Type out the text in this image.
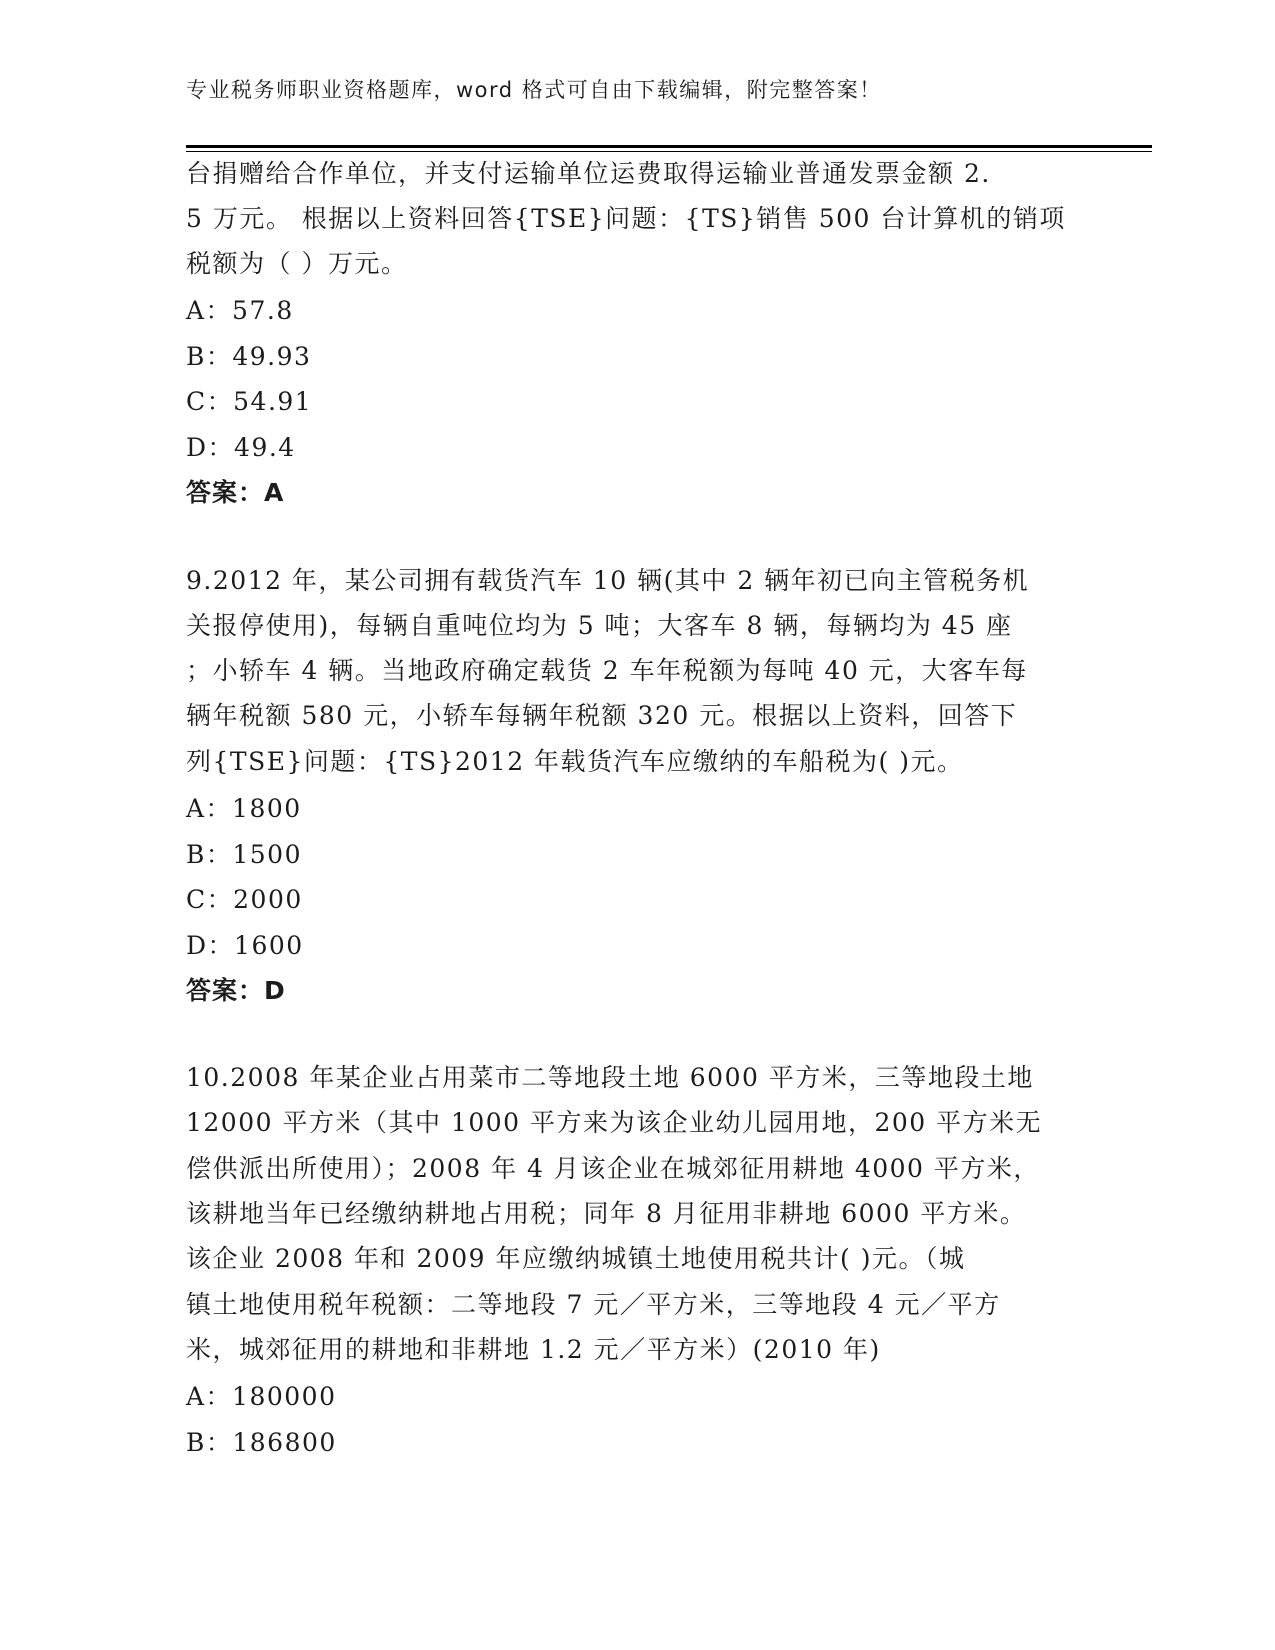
专业税务师职业资格题库，word 格式可自由下载编辑，附完整答案！
台捐赠给合作单位，并支付运输单位运费取得运输业普通发票金额 2.
5 万元。 根据以上资料回答{TSE}问题：{TS}销售 500 台计算机的销项
税额为（ ）万元。
A：57.8
B：49.93
C：54.91
D：49.4
答案：A
9.2012 年，某公司拥有载货汽车 10 辆(其中 2 辆年初已向主管税务机
关报停使用)，每辆自重吨位均为 5 吨；大客车 8 辆，每辆均为 45 座
；小轿车 4 辆。当地政府确定载货 2 车年税额为每吨 40 元，大客车每
辆年税额 580 元，小轿车每辆年税额 320 元。根据以上资料，回答下
列{TSE}问题：{TS}2012 年载货汽车应缴纳的车船税为( )元。
A：1800
B：1500
C：2000
D：1600
答案：D
10.2008 年某企业占用菜市二等地段土地 6000 平方米，三等地段土地
12000 平方米（其中 1000 平方来为该企业幼儿园用地，200 平方米无
偿供派出所使用）；2008 年 4 月该企业在城郊征用耕地 4000 平方米，
该耕地当年已经缴纳耕地占用税；同年 8 月征用非耕地 6000 平方米。
该企业 2008 年和 2009 年应缴纳城镇土地使用税共计( )元。（城
镇土地使用税年税额：二等地段 7 元／平方米，三等地段 4 元／平方
米，城郊征用的耕地和非耕地 1.2 元／平方米）(2010 年)
A：180000
B：186800
